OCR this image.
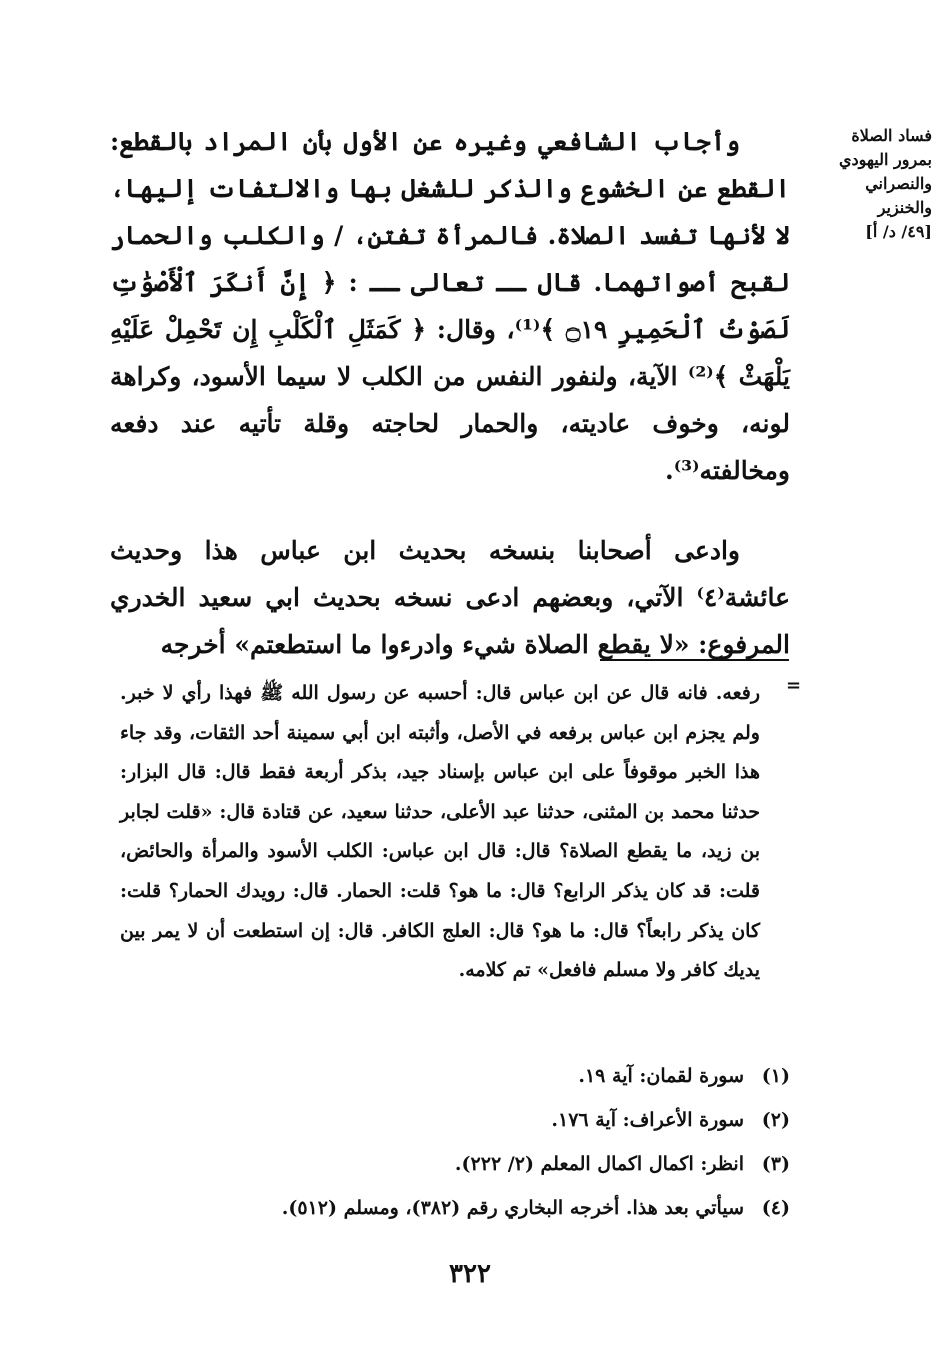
فساد الصلاة
بمرور اليهودي
والنصراني
والخنزير
[٤٩/ د/ أ]

وأجاب الشافعي وغيره عن الأول بأن المراد بالقطع: القطع عن الخشوع والذكر للشغل بها والالتفات إليها، لا لأنها تفسد الصلاة. فالمرأة تفتن، / والكلب والحمار لقبح أصواتهما. قال ــ تعالى ــ : ﴿ إِنَّ أَنكَرَ ٱلْأَصْوَٰتِ لَصَوْتُ ٱلْحَمِيرِ ۝١٩ ﴾⁽¹⁾، وقال: ﴿ كَمَثَلِ ٱلْكَلْبِ إِن تَحْمِلْ عَلَيْهِ يَلْهَثْ ﴾⁽²⁾ الآية، ولنفور النفس من الكلب لا سيما الأسود، وكراهة لونه، وخوف عاديته، والحمار لحاجته وقلة تأتيه عند دفعه ومخالفته⁽³⁾.

وادعى أصحابنا بنسخه بحديث ابن عباس هذا وحديث عائشة⁽٤⁾ الآتي، وبعضهم ادعى نسخه بحديث ابي سعيد الخدري المرفوع: «لا يقطع الصلاة شيء وادرءوا ما استطعتم» أخرجه

=

رفعه. فانه قال عن ابن عباس قال: أحسبه عن رسول الله ﷺ فهذا رأي لا خبر. ولم يجزم ابن عباس برفعه في الأصل، وأثبته ابن أبي سمينة أحد الثقات، وقد جاء هذا الخبر موقوفاً على ابن عباس بإسناد جيد، بذكر أربعة فقط قال: قال البزار: حدثنا محمد بن المثنى، حدثنا عبد الأعلى، حدثنا سعيد، عن قتادة قال: «قلت لجابر بن زيد، ما يقطع الصلاة؟ قال: قال ابن عباس: الكلب الأسود والمرأة والحائض، قلت: قد كان يذكر الرابع؟ قال: ما هو؟ قلت: الحمار. قال: رويدك الحمار؟ قلت: كان يذكر رابعاً؟ قال: ما هو؟ قال: العلج الكافر. قال: إن استطعت أن لا يمر بين يديك كافر ولا مسلم فافعل» تم كلامه.

(١)
سورة لقمان: آية ١٩.
(٢)
سورة الأعراف: آية ١٧٦.
(٣)
انظر: اكمال اكمال المعلم (٢/ ٢٢٢).
(٤)
سيأتي بعد هذا. أخرجه البخاري رقم (٣٨٢)، ومسلم (٥١٢).
٣٢٢
